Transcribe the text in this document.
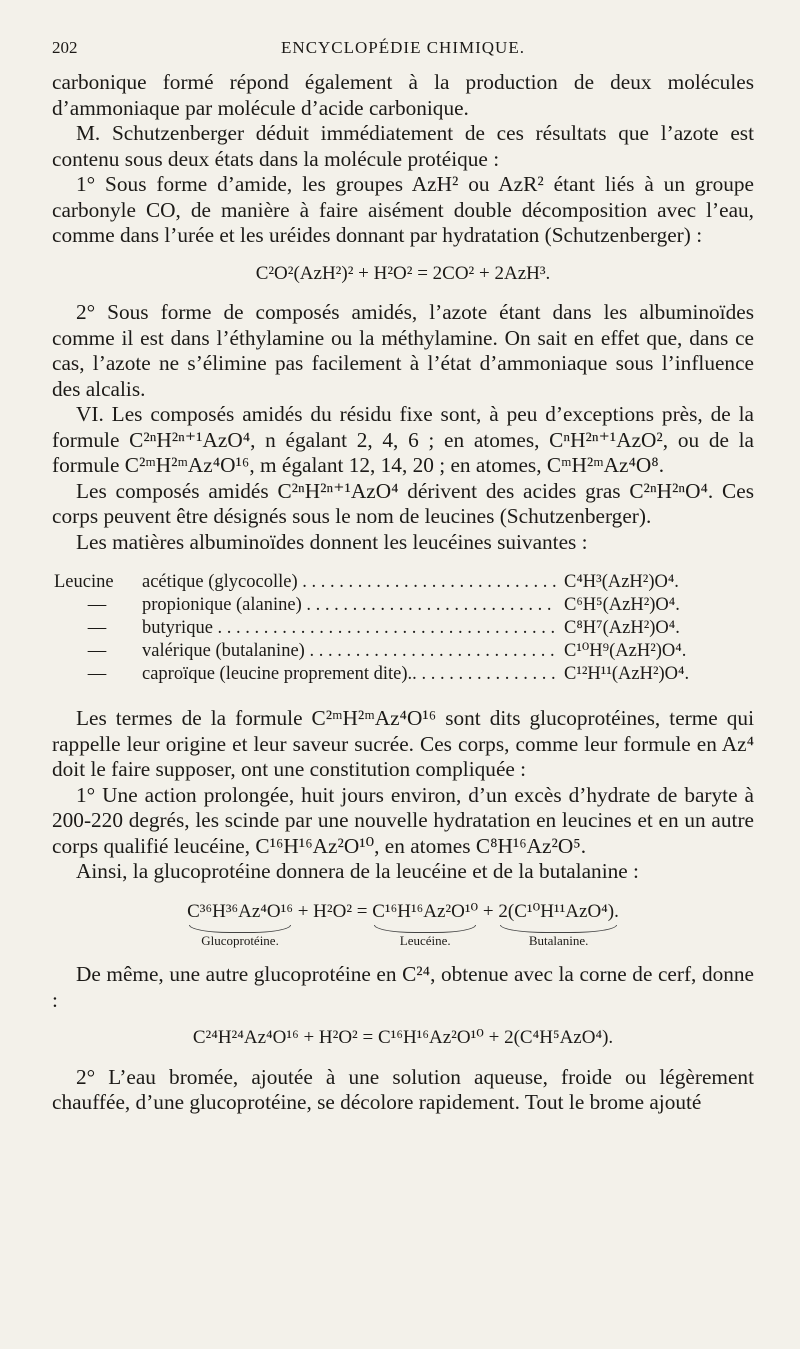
202	ENCYCLOPÉDIE CHIMIQUE.

carbonique formé répond également à la production de deux molécules d’ammoniaque par molécule d’acide carbonique.

M. Schutzenberger déduit immédiatement de ces résultats que l’azote est contenu sous deux états dans la molécule protéique :

1° Sous forme d’amide, les groupes AzH² ou AzR² étant liés à un groupe carbonyle CO, de manière à faire aisément double décomposition avec l’eau, comme dans l’urée et les uréides donnant par hydratation (Schutzenberger) :

C²O²(AzH²)² + H²O² = 2CO² + 2AzH³.

2° Sous forme de composés amidés, l’azote étant dans les albuminoïdes comme il est dans l’éthylamine ou la méthylamine. On sait en effet que, dans ce cas, l’azote ne s’élimine pas facilement à l’état d’ammoniaque sous l’influence des alcalis.

VI. Les composés amidés du résidu fixe sont, à peu d’exceptions près, de la formule C²ⁿH²ⁿ⁺¹AzO⁴, n égalant 2, 4, 6 ; en atomes, CⁿH²ⁿ⁺¹AzO², ou de la formule C²ᵐH²ᵐAz⁴O¹⁶, m égalant 12, 14, 20 ; en atomes, CᵐH²ᵐAz⁴O⁸.

Les composés amidés C²ⁿH²ⁿ⁺¹AzO⁴ dérivent des acides gras C²ⁿH²ⁿO⁴. Ces corps peuvent être désignés sous le nom de leucines (Schutzenberger).

Les matières albuminoïdes donnent les leucéines suivantes :

Leucine	acétique (glycocolle) . . .	C⁴H³(AzH²)O⁴.
—	propionique (alanine) . . .	C⁶H⁵(AzH²)O⁴.
—	butyrique . . .	C⁸H⁷(AzH²)O⁴.
—	valérique (butalanine) . . .	C¹⁰H⁹(AzH²)O⁴.
—	caproïque (leucine proprement dite).. . . .	C¹²H¹¹(AzH²)O⁴.

Les termes de la formule C²ᵐH²ᵐAz⁴O¹⁶ sont dits glucoprotéines, terme qui rappelle leur origine et leur saveur sucrée. Ces corps, comme leur formule en Az⁴ doit le faire supposer, ont une constitution compliquée :

1° Une action prolongée, huit jours environ, d’un excès d’hydrate de baryte à 200-220 degrés, les scinde par une nouvelle hydratation en leucines et en un autre corps qualifié leucéine, C¹⁶H¹⁶Az²O¹⁰, en atomes C⁸H¹⁶Az²O⁵.

Ainsi, la glucoprotéine donnera de la leucéine et de la butalanine :

C³⁶H³⁶Az⁴O¹⁶
Glucoprotéine.
+ H²O² = C¹⁶H¹⁶Az²O¹⁰
Leucéine.
+ 2(C¹⁰H¹¹AzO⁴).
Butalanine.

De même, une autre glucoprotéine en C²⁴, obtenue avec la corne de cerf, donne :

C²⁴H²⁴Az⁴O¹⁶ + H²O² = C¹⁶H¹⁶Az²O¹⁰ + 2(C⁴H⁵AzO⁴).

2° L’eau bromée, ajoutée à une solution aqueuse, froide ou légèrement chauffée, d’une glucoprotéine, se décolore rapidement. Tout le brome ajouté
